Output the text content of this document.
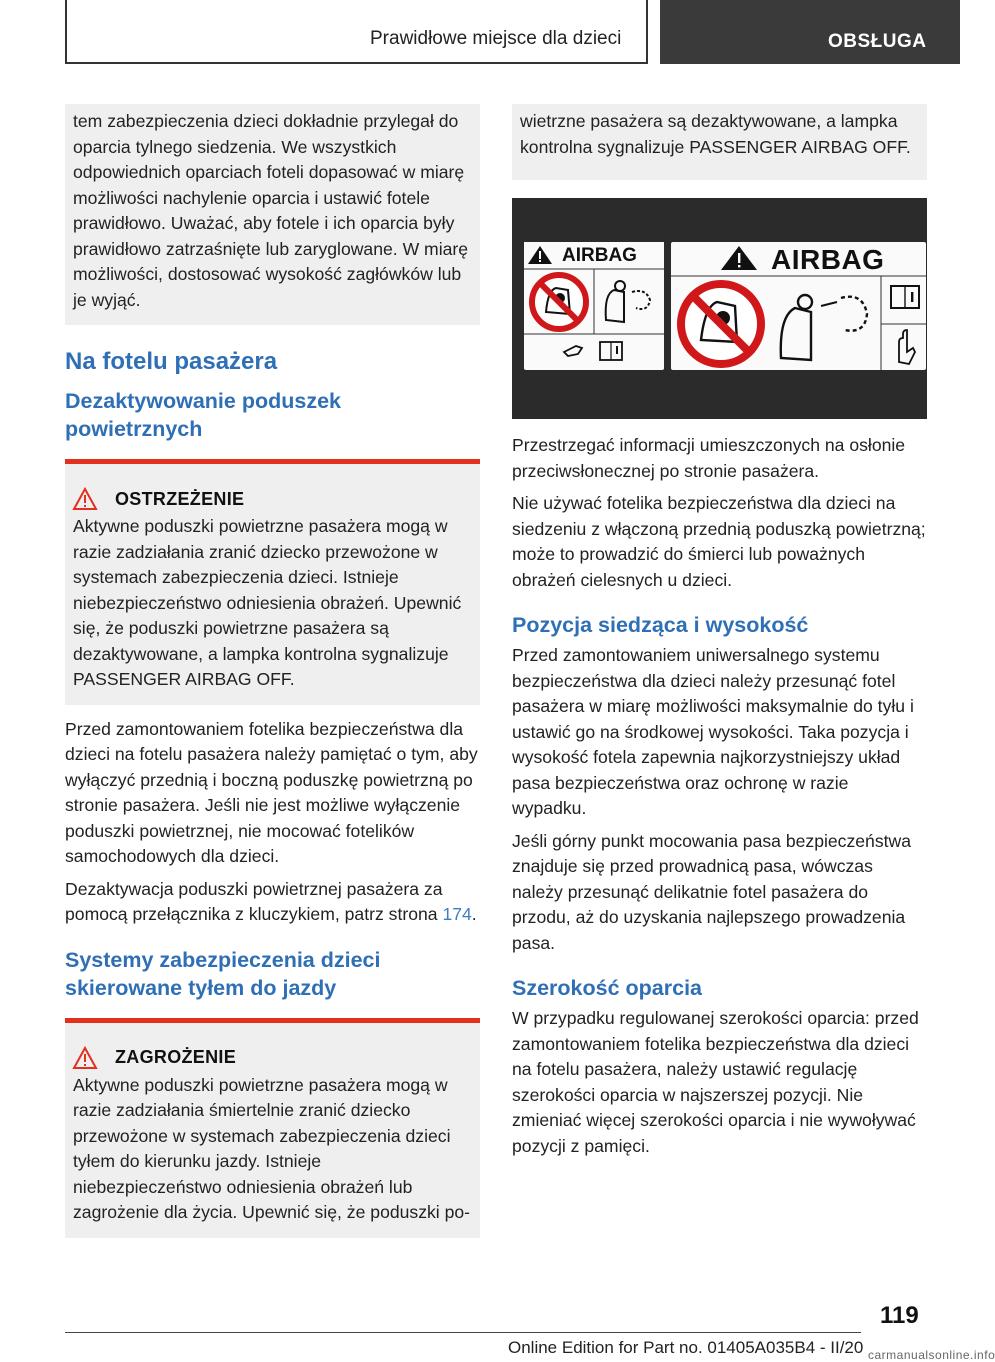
Prawidłowe miejsce dla dzieci	OBSŁUGA

tem zabezpieczenia dzieci dokładnie przylegał do oparcia tylnego siedzenia. We wszystkich odpowiednich oparciach foteli dopasować w miarę możliwości nachylenie oparcia i ustawić fotele prawidłowo. Uważać, aby fotele i ich oparcia były prawidłowo zatrzaśnięte lub zaryglowane. W miarę możliwości, dostosować wysokość zagłówków lub je wyjąć.

Na fotelu pasażera
Dezaktywowanie poduszek powietrznych
OSTRZEŻENIE

Aktywne poduszki powietrzne pasażera mogą w razie zadziałania zranić dziecko przewożone w systemach zabezpieczenia dzieci. Istnieje niebezpieczeństwo odniesienia obrażeń. Upewnić się, że poduszki powietrzne pasażera są dezaktywowane, a lampka kontrolna sygnalizuje PASSENGER AIRBAG OFF.

Przed zamontowaniem fotelika bezpieczeństwa dla dzieci na fotelu pasażera należy pamiętać o tym, aby wyłączyć przednią i boczną poduszkę powietrzną po stronie pasażera. Jeśli nie jest możliwe wyłączenie poduszki powietrznej, nie mocować fotelików samochodowych dla dzieci.

Dezaktywacja poduszki powietrznej pasażera za pomocą przełącznika z kluczykiem, patrz strona 174.

Systemy zabezpieczenia dzieci skierowane tyłem do jazdy
ZAGROŻENIE

Aktywne poduszki powietrzne pasażera mogą w razie zadziałania śmiertelnie zranić dziecko przewożone w systemach zabezpieczenia dzieci tyłem do kierunku jazdy. Istnieje niebezpieczeństwo odniesienia obrażeń lub zagrożenie dla życia. Upewnić się, że poduszki po-

wietrzne pasażera są dezaktywowane, a lampka kontrolna sygnalizuje PASSENGER AIRBAG OFF.

AIRBAG	AIRBAG

Przestrzegać informacji umieszczonych na osłonie przeciwsłonecznej po stronie pasażera.

Nie używać fotelika bezpieczeństwa dla dzieci na siedzeniu z włączoną przednią poduszką powietrzną; może to prowadzić do śmierci lub poważnych obrażeń cielesnych u dzieci.

Pozycja siedząca i wysokość

Przed zamontowaniem uniwersalnego systemu bezpieczeństwa dla dzieci należy przesunąć fotel pasażera w miarę możliwości maksymalnie do tyłu i ustawić go na środkowej wysokości. Taka pozycja i wysokość fotela zapewnia najkorzystniejszy układ pasa bezpieczeństwa oraz ochronę w razie wypadku.

Jeśli górny punkt mocowania pasa bezpieczeństwa znajduje się przed prowadnicą pasa, wówczas należy przesunąć delikatnie fotel pasażera do przodu, aż do uzyskania najlepszego prowadzenia pasa.

Szerokość oparcia

W przypadku regulowanej szerokości oparcia: przed zamontowaniem fotelika bezpieczeństwa dla dzieci na fotelu pasażera, należy ustawić regulację szerokości oparcia w najszerszej pozycji. Nie zmieniać więcej szerokości oparcia i nie wywoływać pozycji z pamięci.

119
Online Edition for Part no. 01405A035B4 - II/20 carmanualsonline.info
